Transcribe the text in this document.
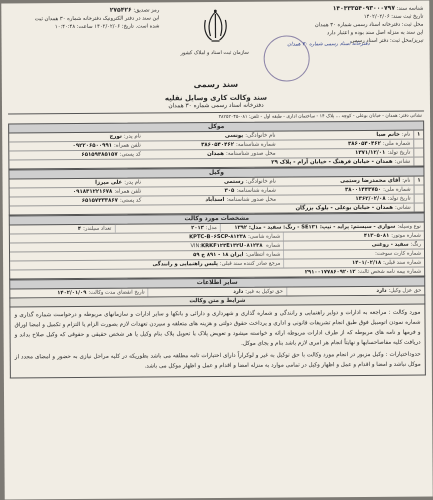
شناسه سند: ۱۴۰۳۳۳۵۴۰۹۳۰۰۰۷۹۷
تاریخ ثبت سند: ۱۴۰۲/۰۲/۰۶
محل ثبت: دفترخانه اسناد رسمی شماره ۳۰ همدان
این سند به منزله اصل سند بوده و اعتبار دارد
تبریز/محل ثبت: دفتر اسناد رسمی
رمز تصدیق: ۲۷۵۴۲۶
این سند در دفتر الکترونیک دفترخانه شماره ۳۰ همدان ثبت
شده است. تاریخ: ۱۴۰۲/۰۲/۰۶ ساعت: ۱۰:۴۰:۴۸
سازمان ثبت اسناد و املاک کشور
دفترخانه اسناد رسمی شماره ۳۰ همدان
سند رسمی
سند وکالت کاری وسایل نقلیه
دفترخانه اسناد رسمی شماره ۳۰ همدان
نشانی دفتر: همدان - خیابان بوعلی - کوچه ... پلاک ۱۴ - ساختمان اداری - طبقه اول - تلفن: ۰۸۱-۳۸۲۵۲۰۴۵
موکل
۱
نام:خانم صبا
نام خانوادگی:یونسی
نام پدر:تورج
شماره ملی:۳۸۶۰۵۴۰۴۶۲
شماره شناسنامه:۳۸۶۰۵۴۰۴۶۲
تلفن همراه:۰۹۲۲۰۶۵۰۰۹۹۱
تاریخ تولد:۱۳۷۱/۱۲/۰۱
محل صدور شناسنامه:همدان
کد پستی:۶۵۱۵۹۳۸۵۱۵۷
نشانی:همدان - خیابان فرهنگ - خیابان آرام - پلاک ۲۹
وکیل
۱
نام:آقای محمدرضا رستمی
نام خانوادگی:رستمی
نام پدر:علی میرزا
شماره ملی:۳۸۰۰۱۴۴۳۷۵۰
شماره شناسنامه:۳۰۵
تلفن همراه:۰۹۱۸۳۱۲۲۱۶۷۸
تاریخ تولد:۱۳۶۲/۰۲/۰۸
محل صدور شناسنامه:اسدآباد
کد پستی:۶۵۱۵۷۳۳۳۸۶۷
نشانی:همدان - خیابان بوعلی - بلوک بزرگان
مشخصات مورد وکالت
نوع وسیله:سواری - سیستم: پراید - تیپ: SE۱۳۱ - رنگ: سفید - مدل: ۱۳۹۲
مدل:۲۰۱۳
تعداد سیلندر:۴
شماره موتور:۴۱۳۰۵۰۸۱
شماره شاسی:KPTC-B۰۶SCP-۸۱۲۳۸
رنگ:سفید - روغنی
شماره VIN:KRKF۱۲۳E۱۳۲U۰۸۱۲۳۸
شماره کارت سوخت:
شماره انتظامی:ایران ۱۸ - ۸۹۱ ج ۵۹
شماره سند قبلی:۱۴۰۱/۰۲/۱۸
مرجع صادر کننده سند قبلی:پلیس راهنمایی و رانندگی
شماره بیمه نامه شخص ثالث:۲۹۱۰۰۱۷۷۸۶۰۹۲۰۱۲
سایر اطلاعات
حق عزل وکیل:دارد
حق توکیل به غیر:دارد
تاریخ انقضای مدت وکالت:۱۴۰۲/۰۱/۰۹
شرایط و متن وکالت

مورد وکالت : مراجعه به ادارات و دوایر راهنمایی و رانندگی و شماره گذاری و شهرداری و دارائی و بانکها و سایر ادارات و سازمانهای مربوطه و درخواست شماره گذاری و شماره نمودن اتومبیل فوق طبق انجام تشریفات قانونی و اداری و پرداخت حقوق دولتی و هزینه های متعلقه و سپردن تعهدات لازم بصورت الزام یا التزام و تکمیل و امضا اوراق و فرمها و نامه های مربوطه که از طرف ادارات مربوطه ارائه و خواسته میشود و تعویض پلاک یا تحویل پلاک بنام وکیل یا هر شخص حقیقی و حقوقی که وکیل صلاح بداند و دریافت کلیه مفاصاحسابها و نهایتاً انجام هر امری لازم باشد بنام و بجای موکل.

حدوداختیارات : وکیل مزبور در انجام مورد وکالت با حق توکیل به غیر و لوکراراً دارای اختیارات تامه مطلقه می باشد بطوریکه در کلیه مراحل نیازی به حضور و امضای مجدد از موکل نباشد و امضا و اقدام و عمل و اظهار وکیل در تمامی موارد به منزله امضا و اقدام و عمل و اظهار موکل می باشد.
